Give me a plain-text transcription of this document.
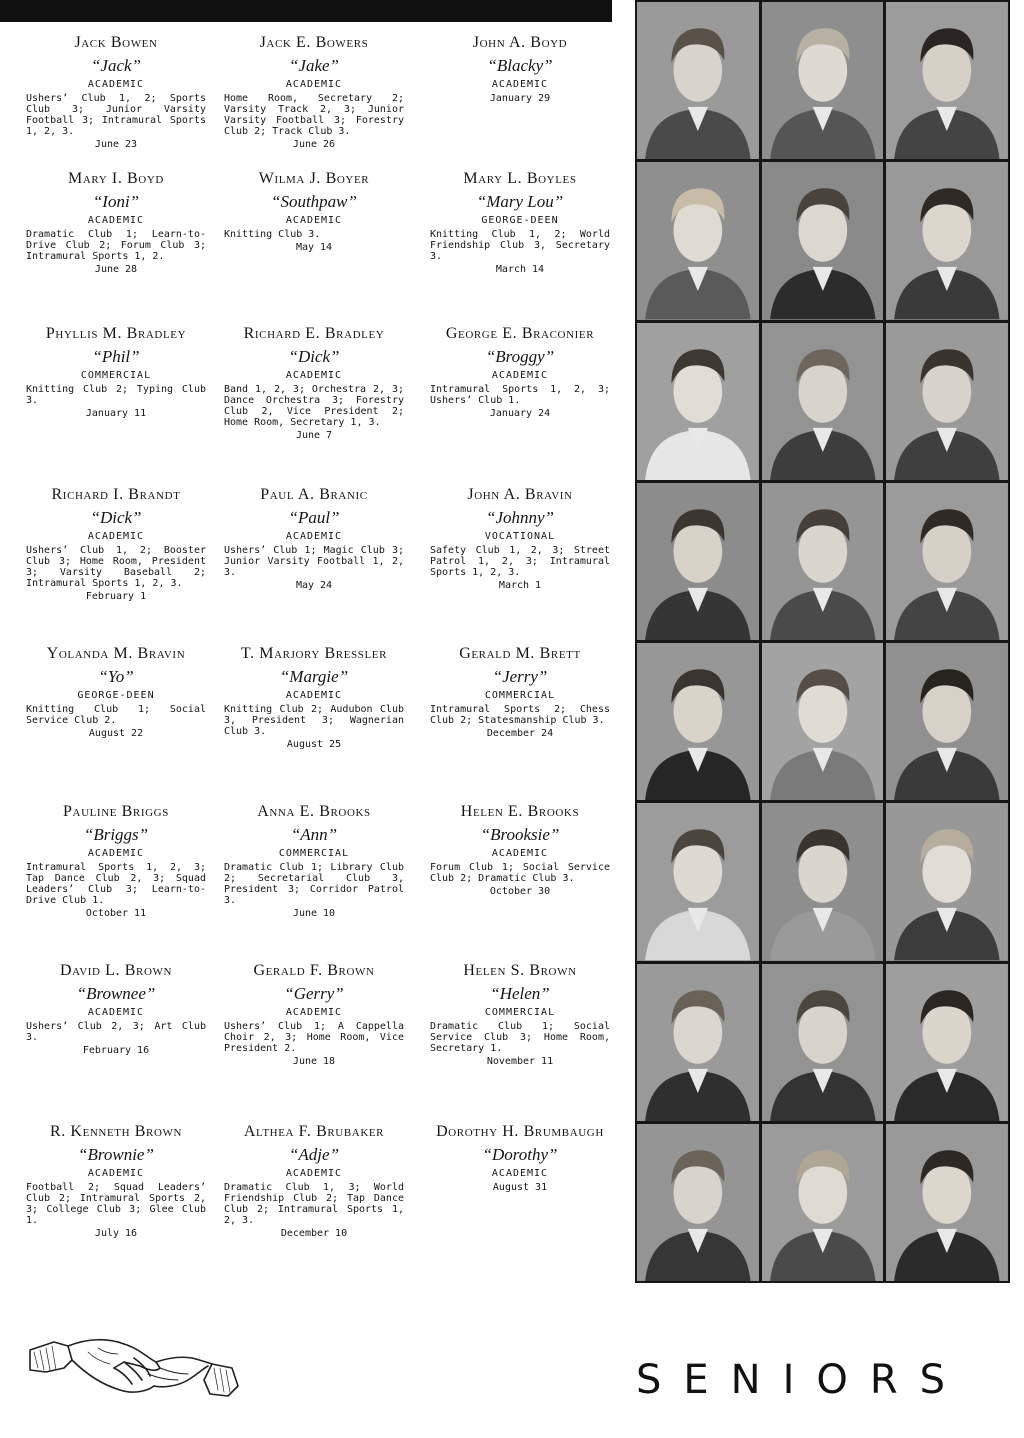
Jack Bowen
“Jack”
ACADEMIC
Ushers’ Club 1, 2; Sports Club 3; Junior Varsity Football 3; Intramural Sports 1, 2, 3.
June 23
Jack E. Bowers
“Jake”
ACADEMIC
Home Room, Secretary 2; Varsity Track 2, 3; Junior Varsity Football 3; Forestry Club 2; Track Club 3.
June 26
John A. Boyd
“Blacky”
ACADEMIC
January 29
Mary I. Boyd
“Ioni”
ACADEMIC
Dramatic Club 1; Learn-to-Drive Club 2; Forum Club 3; Intramural Sports 1, 2.
June 28
Wilma J. Boyer
“Southpaw”
ACADEMIC
Knitting Club 3.
May 14
Mary L. Boyles
“Mary Lou”
GEORGE-DEEN
Knitting Club 1, 2; World Friendship Club 3, Secretary 3.
March 14
Phyllis M. Bradley
“Phil”
COMMERCIAL
Knitting Club 2; Typing Club 3.
January 11
Richard E. Bradley
“Dick”
ACADEMIC
Band 1, 2, 3; Orchestra 2, 3; Dance Orchestra 3; Forestry Club 2, Vice President 2; Home Room, Secretary 1, 3.
June 7
George E. Braconier
“Broggy”
ACADEMIC
Intramural Sports 1, 2, 3; Ushers’ Club 1.
January 24
Richard I. Brandt
“Dick”
ACADEMIC
Ushers’ Club 1, 2; Booster Club 3; Home Room, President 3; Varsity Baseball 2; Intramural Sports 1, 2, 3.
February 1
Paul A. Branic
“Paul”
ACADEMIC
Ushers’ Club 1; Magic Club 3; Junior Varsity Football 1, 2, 3.
May 24
John A. Bravin
“Johnny”
VOCATIONAL
Safety Club 1, 2, 3; Street Patrol 1, 2, 3; Intramural Sports 1, 2, 3.
March 1
Yolanda M. Bravin
“Yo”
GEORGE-DEEN
Knitting Club 1; Social Service Club 2.
August 22
T. Marjory Bressler
“Margie”
ACADEMIC
Knitting Club 2; Audubon Club 3, President 3; Wagnerian Club 3.
August 25
Gerald M. Brett
“Jerry”
COMMERCIAL
Intramural Sports 2; Chess Club 2; Statesmanship Club 3.
December 24
Pauline Briggs
“Briggs”
ACADEMIC
Intramural Sports 1, 2, 3; Tap Dance Club 2, 3; Squad Leaders’ Club 3; Learn-to-Drive Club 1.
October 11
Anna E. Brooks
“Ann”
COMMERCIAL
Dramatic Club 1; Library Club 2; Secretarial Club 3, President 3; Corridor Patrol 3.
June 10
Helen E. Brooks
“Brooksie”
ACADEMIC
Forum Club 1; Social Service Club 2; Dramatic Club 3.
October 30
David L. Brown
“Brownee”
ACADEMIC
Ushers’ Club 2, 3; Art Club 3.
February 16
Gerald F. Brown
“Gerry”
ACADEMIC
Ushers’ Club 1; A Cappella Choir 2, 3; Home Room, Vice President 2.
June 18
Helen S. Brown
“Helen”
COMMERCIAL
Dramatic Club 1; Social Service Club 3; Home Room, Secretary 1.
November 11
R. Kenneth Brown
“Brownie”
ACADEMIC
Football 2; Squad Leaders’ Club 2; Intramural Sports 2, 3; College Club 3; Glee Club 1.
July 16
Althea F. Brubaker
“Adje”
ACADEMIC
Dramatic Club 1, 3; World Friendship Club 2; Tap Dance Club 2; Intramural Sports 1, 2, 3.
December 10
Dorothy H. Brumbaugh
“Dorothy”
ACADEMIC
August 31
SENIORS
